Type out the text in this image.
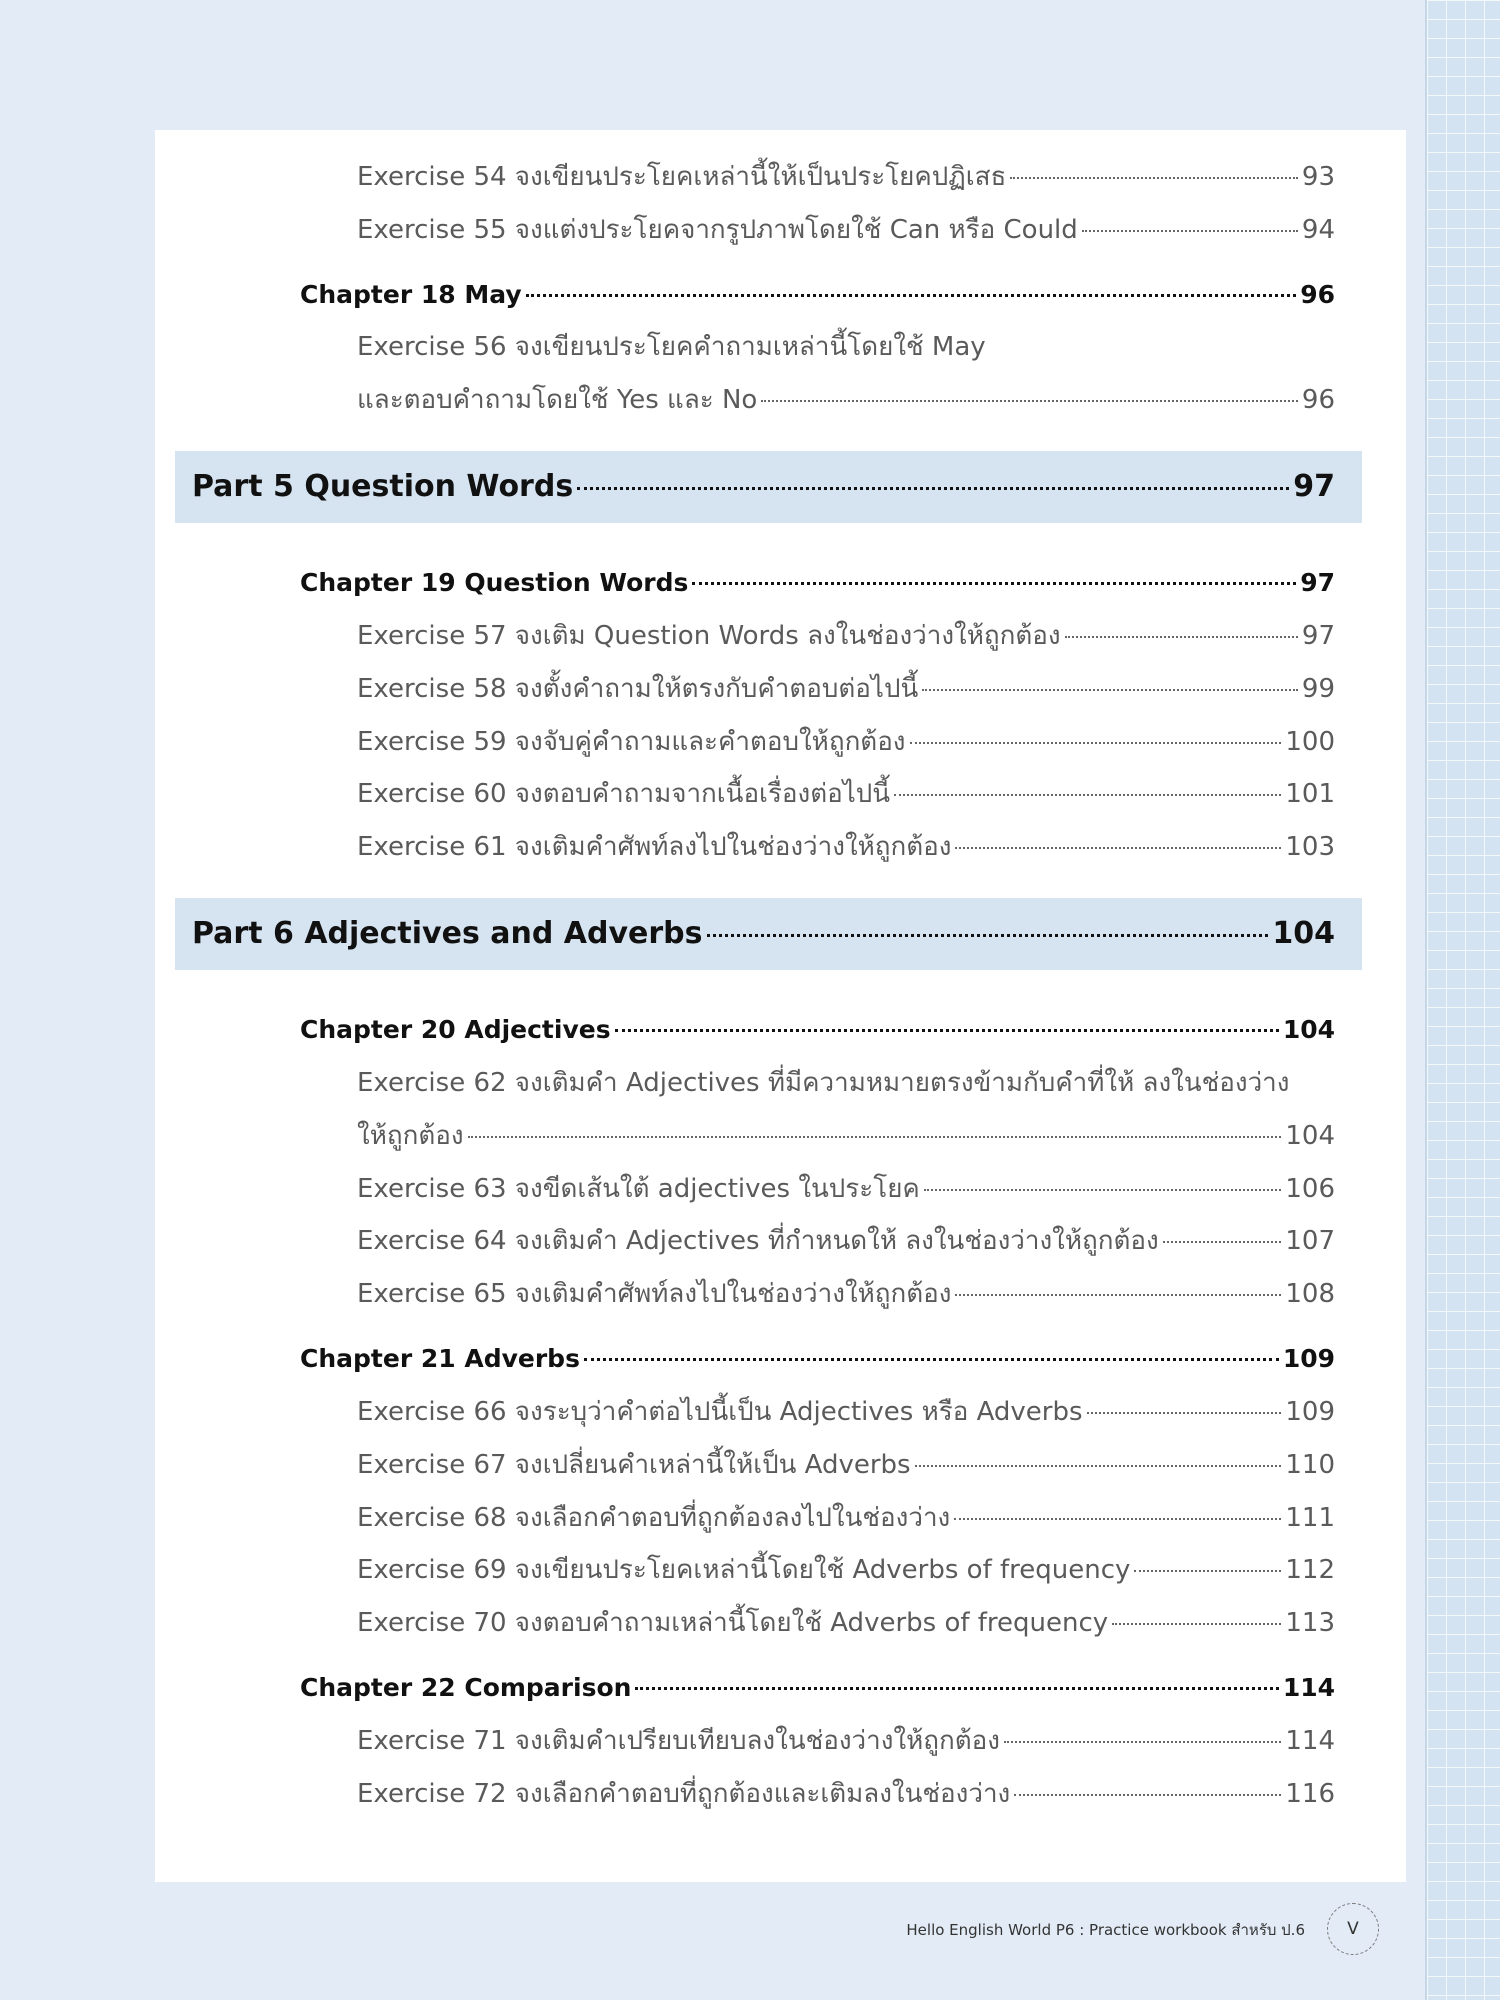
Exercise 54 จงเขียนประโยคเหล่านี้ให้เป็นประโยคปฏิเสธ	93
Exercise 55 จงแต่งประโยคจากรูปภาพโดยใช้ Can หรือ Could	94
Chapter 18 May	96
Exercise 56 จงเขียนประโยคคำถามเหล่านี้โดยใช้ May
และตอบคำถามโดยใช้ Yes และ No	96
Part 5 Question Words	97
Chapter 19 Question Words	97
Exercise 57 จงเติม Question Words ลงในช่องว่างให้ถูกต้อง	97
Exercise 58 จงตั้งคำถามให้ตรงกับคำตอบต่อไปนี้	99
Exercise 59 จงจับคู่คำถามและคำตอบให้ถูกต้อง	100
Exercise 60 จงตอบคำถามจากเนื้อเรื่องต่อไปนี้	101
Exercise 61 จงเติมคำศัพท์ลงไปในช่องว่างให้ถูกต้อง	103
Part 6 Adjectives and Adverbs	104
Chapter 20 Adjectives	104
Exercise 62 จงเติมคำ Adjectives ที่มีความหมายตรงข้ามกับคำที่ให้ ลงในช่องว่าง
ให้ถูกต้อง	104
Exercise 63 จงขีดเส้นใต้ adjectives ในประโยค	106
Exercise 64 จงเติมคำ Adjectives ที่กำหนดให้ ลงในช่องว่างให้ถูกต้อง	107
Exercise 65 จงเติมคำศัพท์ลงไปในช่องว่างให้ถูกต้อง	108
Chapter 21 Adverbs	109
Exercise 66 จงระบุว่าคำต่อไปนี้เป็น Adjectives หรือ Adverbs	109
Exercise 67 จงเปลี่ยนคำเหล่านี้ให้เป็น Adverbs	110
Exercise 68 จงเลือกคำตอบที่ถูกต้องลงไปในช่องว่าง	111
Exercise 69 จงเขียนประโยคเหล่านี้โดยใช้ Adverbs of frequency	112
Exercise 70 จงตอบคำถามเหล่านี้โดยใช้ Adverbs of frequency	113
Chapter 22 Comparison	114
Exercise 71 จงเติมคำเปรียบเทียบลงในช่องว่างให้ถูกต้อง	114
Exercise 72 จงเลือกคำตอบที่ถูกต้องและเติมลงในช่องว่าง	116
Hello English World P6 : Practice workbook สำหรับ ป.6	V
